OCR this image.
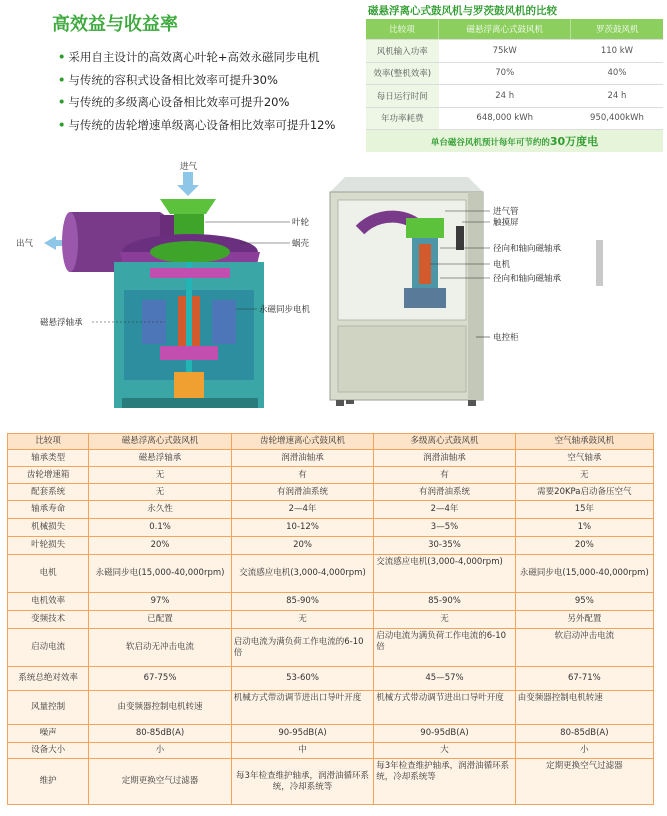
高效益与收益率
• 采用自主设计的高效离心叶轮+高效永磁同步电机
• 与传统的容积式设备相比效率可提升30%
• 与传统的多级离心设备相比效率可提升20%
• 与传统的齿轮增速单级离心设备相比效率可提升12%
磁悬浮离心式鼓风机与罗茨鼓风机的比较
比较项	磁悬浮离心式鼓风机	罗茨鼓风机
风机输入功率	75kW	110 kW
效率(整机效率)	70%	40%
每日运行时间	24 h	24 h
年功率耗费	648,000 kWh	950,400kWh
单台磁谷风机预计每年可节约的30万度电		
进气
出气
叶轮
蜗壳
永磁同步电机
磁悬浮轴承
进气管
触摸屏
径向和轴向磁轴承
电机
径向和轴向磁轴承
电控柜
比较项	磁悬浮离心式鼓风机	齿轮增速离心式鼓风机	多级离心式鼓风机	空气轴承鼓风机
轴承类型	磁悬浮轴承	润滑油轴承	润滑油轴承	空气轴承
齿轮增速箱	无	有	有	无
配套系统	无	有润滑油系统	有润滑油系统	需要20KPa启动备压空气
轴承寿命	永久性	2—4年	2—4年	15年
机械损失	0.1%	10-12%	3—5%	1%
叶轮损失	20%	20%	30-35%	20%
电机	永磁同步电(15,000-40,000rpm)	交流感应电机(3,000-4,000rpm)	交流感应电机(3,000-4,000rpm)	永磁同步电(15,000-40,000rpm)
电机效率	97%	85-90%	85-90%	95%
变频技术	已配置	无	无	另外配置
启动电流	软启动无冲击电流	启动电流为满负荷工作电流的6-10倍	启动电流为满负荷工作电流的6-10倍	软启动冲击电流
系统总绝对效率	67-75%	53-60%	45—57%	67-71%
风量控制	由变频器控制电机转速	机械方式带动调节进出口导叶开度	机械方式带动调节进出口导叶开度	由变频器控制电机转速
噪声	80-85dB(A)	90-95dB(A)	90-95dB(A)	80-85dB(A)
设备大小	小	中	大	小
维护	定期更换空气过滤器	每3年检查维护轴承，润滑油循环系统，冷却系统等	每3年检查维护轴承，润滑油循环系统，冷却系统等	定期更换空气过滤器
